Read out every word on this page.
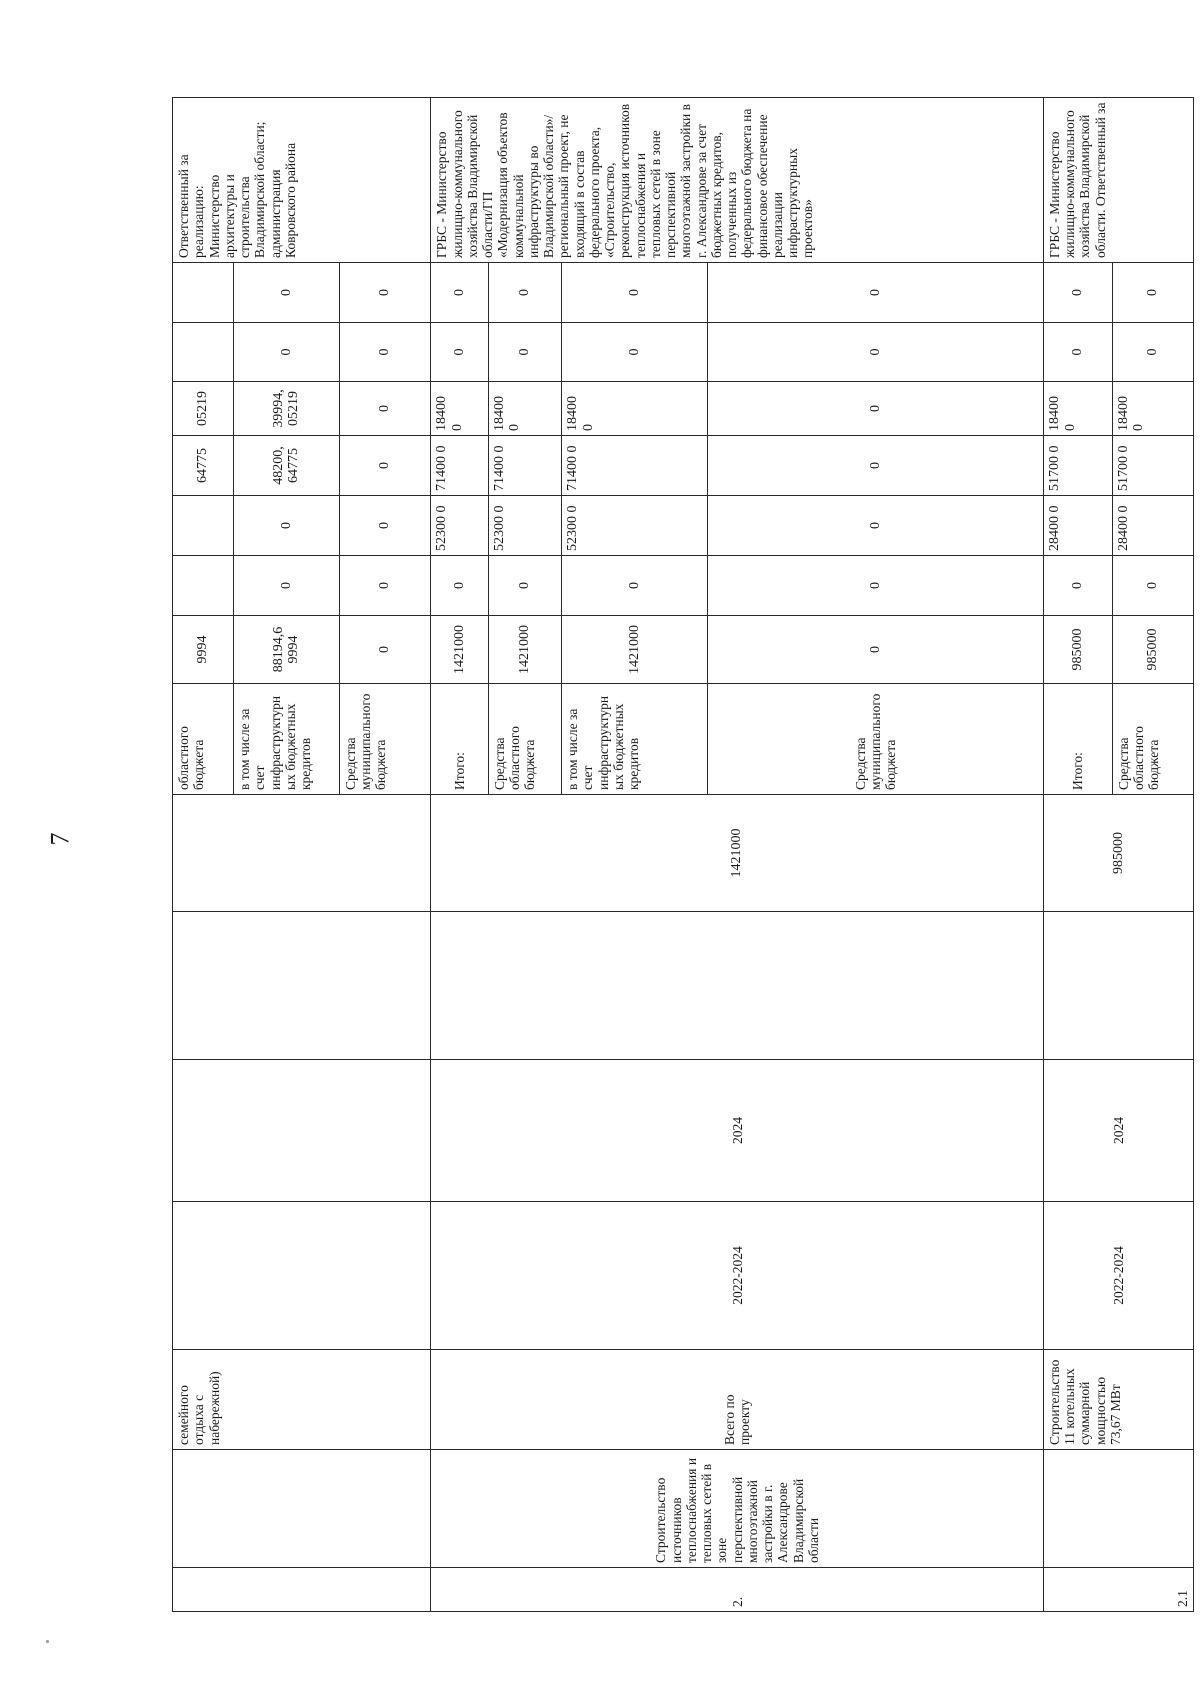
7
		семейного отдыха с набережной)					областного бюджета	9994			64775	05219			Ответственный за реализацию: Министерство архитектуры и строительства Владимирской области; администрация Ковровского района
							в том числе за счет инфраструктурных бюджетных кредитов	88194,6 9994	0	0	48200, 64775	39994, 05219	0	0	
							Средства муниципального бюджета	0	0	0	0	0	0	0	
2.	Строительство источников теплоснабжения и тепловых сетей в зоне перспективной многоэтажной застройки в г. Александрове Владимирской области	Всего по проекту	2022-2024	2024		1421000	Итого:	1421000	0	52300 0	71400 0	18400 0	0	0	ГРБС - Министерство жилищно-коммунального хозяйства Владимирской области/ГП «Модернизация объектов коммунальной инфраструктуры во Владимирской области»/региональный проект, не входящий в состав федерального проекта, «Строительство, реконструкция источников теплоснабжения и тепловых сетей в зоне перспективной многоэтажной застройки в г. Александрове за счет бюджетных кредитов, полученных из федерального бюджета на финансовое обеспечение реализации инфраструктурных проектов»
							Средства областного бюджета	1421000	0	52300 0	71400 0	18400 0	0	0	
							в том числе за счет инфраструктурных бюджетных кредитов	1421000	0	52300 0	71400 0	18400 0	0	0	
							Средства муниципального бюджета	0	0	0	0	0	0	0	
2.1		Строительство 11 котельных суммарной мощностью 73,67 МВт	2022-2024	2024		985000	Итого:	985000	0	28400 0	51700 0	18400 0	0	0	ГРБС - Министерство жилищно-коммунального хозяйства Владимирской области. Ответственный за
							Средства областного бюджета	985000	0	28400 0	51700 0	18400 0	0	0	
